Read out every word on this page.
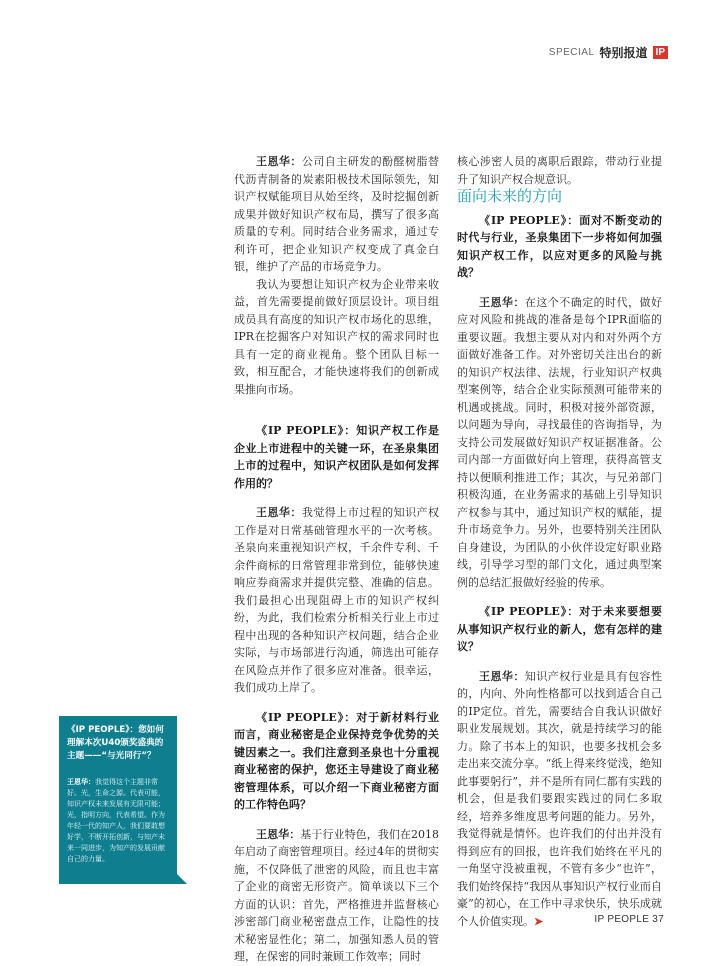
SPECIAL 特别报道 IP

王恩华：公司自主研发的酚醛树脂替代沥青制备的炭素阳极技术国际领先，知识产权赋能项目从始至终，及时挖掘创新成果并做好知识产权布局，撰写了很多高质量的专利。同时结合业务需求，通过专利许可，把企业知识产权变成了真金白银，维护了产品的市场竞争力。

我认为要想让知识产权为企业带来收益，首先需要提前做好顶层设计。项目组成员具有高度的知识产权市场化的思维，IPR在挖掘客户对知识产权的需求同时也具有一定的商业视角。整个团队目标一致，相互配合，才能快速将我们的创新成果推向市场。

《IP PEOPLE》：知识产权工作是企业上市进程中的关键一环，在圣泉集团上市的过程中，知识产权团队是如何发挥作用的？

王恩华：我觉得上市过程的知识产权工作是对日常基础管理水平的一次考核。圣泉向来重视知识产权，千余件专利、千余件商标的日常管理非常到位，能够快速响应券商需求并提供完整、准确的信息。我们最担心出现阻碍上市的知识产权纠纷，为此，我们检索分析相关行业上市过程中出现的各种知识产权问题，结合企业实际，与市场部进行沟通，筛选出可能存在风险点并作了很多应对准备。很幸运，我们成功上岸了。

《IP PEOPLE》：对于新材料行业而言，商业秘密是企业保持竞争优势的关键因素之一。我们注意到圣泉也十分重视商业秘密的保护，您还主导建设了商业秘密管理体系，可以介绍一下商业秘密方面的工作特色吗？

王恩华：基于行业特色，我们在2018年启动了商密管理项目。经过4年的贯彻实施，不仅降低了泄密的风险，而且也丰富了企业的商密无形资产。简单谈以下三个方面的认识：首先，严格推进并监督核心涉密部门商业秘密盘点工作，让隐性的技术秘密显性化；第二，加强知悉人员的管理，在保密的同时兼顾工作效率；同时

核心涉密人员的离职后跟踪，带动行业提升了知识产权合规意识。

面向未来的方向

《IP PEOPLE》：面对不断变动的时代与行业，圣泉集团下一步将如何加强知识产权工作，以应对更多的风险与挑战？

王恩华：在这个不确定的时代，做好应对风险和挑战的准备是每个IPR面临的重要议题。我想主要从对内和对外两个方面做好准备工作。对外密切关注出台的新的知识产权法律、法规，行业知识产权典型案例等，结合企业实际预测可能带来的机遇或挑战。同时，积极对接外部资源，以问题为导向，寻找最佳的咨询指导，为支持公司发展做好知识产权证据准备。公司内部一方面做好向上管理，获得高管支持以便顺利推进工作；其次，与兄弟部门积极沟通，在业务需求的基础上引导知识产权参与其中，通过知识产权的赋能，提升市场竞争力。另外，也要特别关注团队自身建设，为团队的小伙伴设定好职业路线，引导学习型的部门文化，通过典型案例的总结汇报做好经验的传承。

《IP PEOPLE》：对于未来要想要从事知识产权行业的新人，您有怎样的建议？

王恩华：知识产权行业是具有包容性的，内向、外向性格都可以找到适合自己的IP定位。首先，需要结合自我认识做好职业发展规划。其次，就是持续学习的能力。除了书本上的知识，也要多找机会多走出来交流分享。“纸上得来终觉浅，绝知此事要躬行”，并不是所有同仁都有实践的机会，但是我们要跟实践过的同仁多取经，培养多维度思考问题的能力。另外，我觉得就是情怀。也许我们的付出并没有得到应有的回报，也许我们始终在平凡的一角坚守没被重视，不管有多少“也许”，我们始终保持“我因从事知识产权行业而自豪”的初心，在工作中寻求快乐，快乐成就个人价值实现。➤

《IP PEOPLE》：您如何理解本次U40颁奖盛典的主题——“与光同行”？
王恩华：我觉得这个主题非常好。光，生命之源。代表可能，知识产权未来发展有无限可能；光，指明方向，代表希望。作为年轻一代的知产人，我们要敢想好学，不断开拓创新，与知产未来一同进步，为知产的发展贡献自己的力量。
IP PEOPLE 37
